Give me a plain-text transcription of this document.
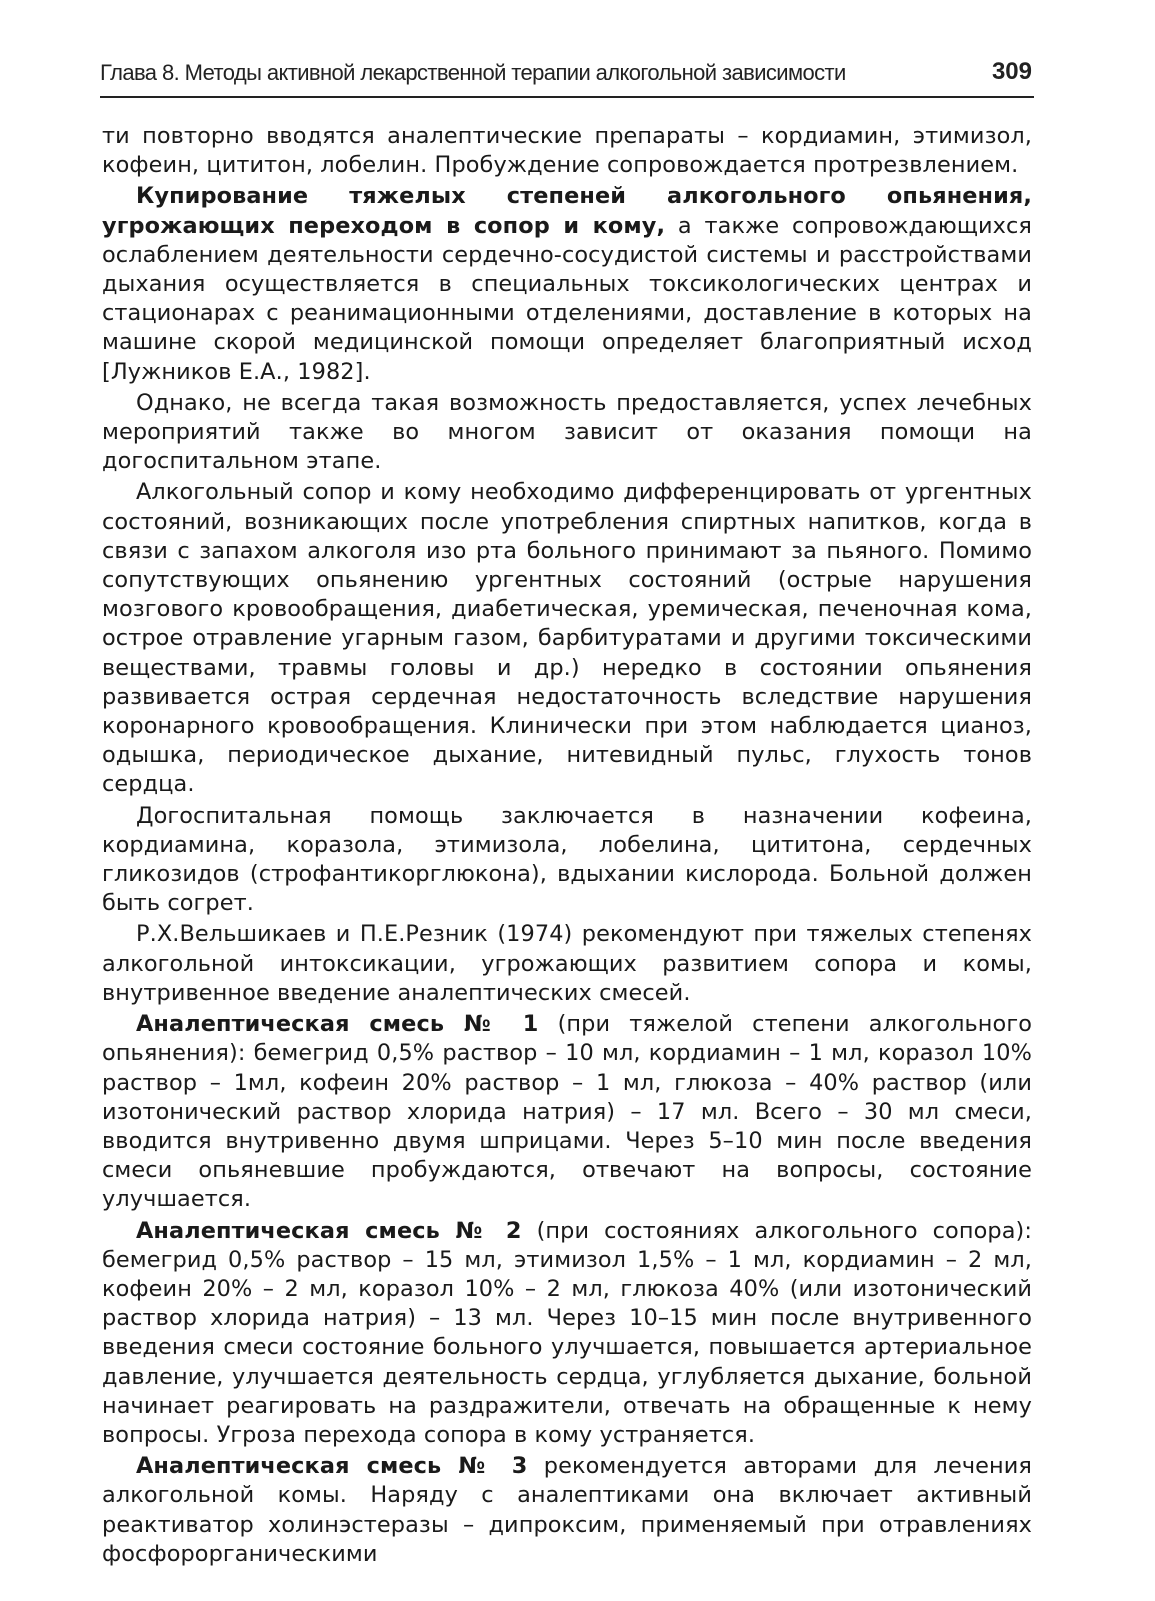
Глава 8. Методы активной лекарственной терапии алкогольной зависимости	309

ти повторно вводятся аналептические препараты – кордиамин, этимизол, кофеин, цититон, лобелин. Пробуждение сопровождается протрезвлением.

Купирование тяжелых степеней алкогольного опьянения, угрожающих переходом в сопор и кому, а также сопровождающихся ослаблением деятельности сердечно-сосудистой системы и расстройствами дыхания осуществляется в специальных токсикологических центрах и стационарах с реанимационными отделениями, доставление в которых на машине скорой медицинской помощи определяет благоприятный исход [Лужников Е.А., 1982].

Однако, не всегда такая возможность предоставляется, успех лечебных мероприятий также во многом зависит от оказания помощи на догоспитальном этапе.

Алкогольный сопор и кому необходимо дифференцировать от ургентных состояний, возникающих после употребления спиртных напитков, когда в связи с запахом алкоголя изо рта больного принимают за пьяного. Помимо сопутствующих опьянению ургентных состояний (острые нарушения мозгового кровообращения, диабетическая, уремическая, печеночная кома, острое отравление угарным газом, барбитуратами и другими токсическими веществами, травмы головы и др.) нередко в состоянии опьянения развивается острая сердечная недостаточность вследствие нарушения коронарного кровообращения. Клинически при этом наблюдается цианоз, одышка, периодическое дыхание, нитевидный пульс, глухость тонов сердца.

Догоспитальная помощь заключается в назначении кофеина, кордиамина, коразола, этимизола, лобелина, цититона, сердечных гликозидов (строфантикорглюкона), вдыхании кислорода. Больной должен быть согрет.

Р.Х.Вельшикаев и П.Е.Резник (1974) рекомендуют при тяжелых степенях алкогольной интоксикации, угрожающих развитием сопора и комы, внутривенное введение аналептических смесей.

Аналептическая смесь № 1 (при тяжелой степени алкогольного опьянения): бемегрид 0,5% раствор – 10 мл, кордиамин – 1 мл, коразол 10% раствор – 1мл, кофеин 20% раствор – 1 мл, глюкоза – 40% раствор (или изотонический раствор хлорида натрия) – 17 мл. Всего – 30 мл смеси, вводится внутривенно двумя шприцами. Через 5–10 мин после введения смеси опьяневшие пробуждаются, отвечают на вопросы, состояние улучшается.

Аналептическая смесь № 2 (при состояниях алкогольного сопора): бемегрид 0,5% раствор – 15 мл, этимизол 1,5% – 1 мл, кордиамин – 2 мл, кофеин 20% – 2 мл, коразол 10% – 2 мл, глюкоза 40% (или изотонический раствор хлорида натрия) – 13 мл. Через 10–15 мин после внутривенного введения смеси состояние больного улучшается, повышается артериальное давление, улучшается деятельность сердца, углубляется дыхание, больной начинает реагировать на раздражители, отвечать на обращенные к нему вопросы. Угроза перехода сопора в кому устраняется.

Аналептическая смесь № 3 рекомендуется авторами для лечения алкогольной комы. Наряду с аналептиками она включает активный реактиватор холинэстеразы – дипроксим, применяемый при отравлениях фосфорорганическими
